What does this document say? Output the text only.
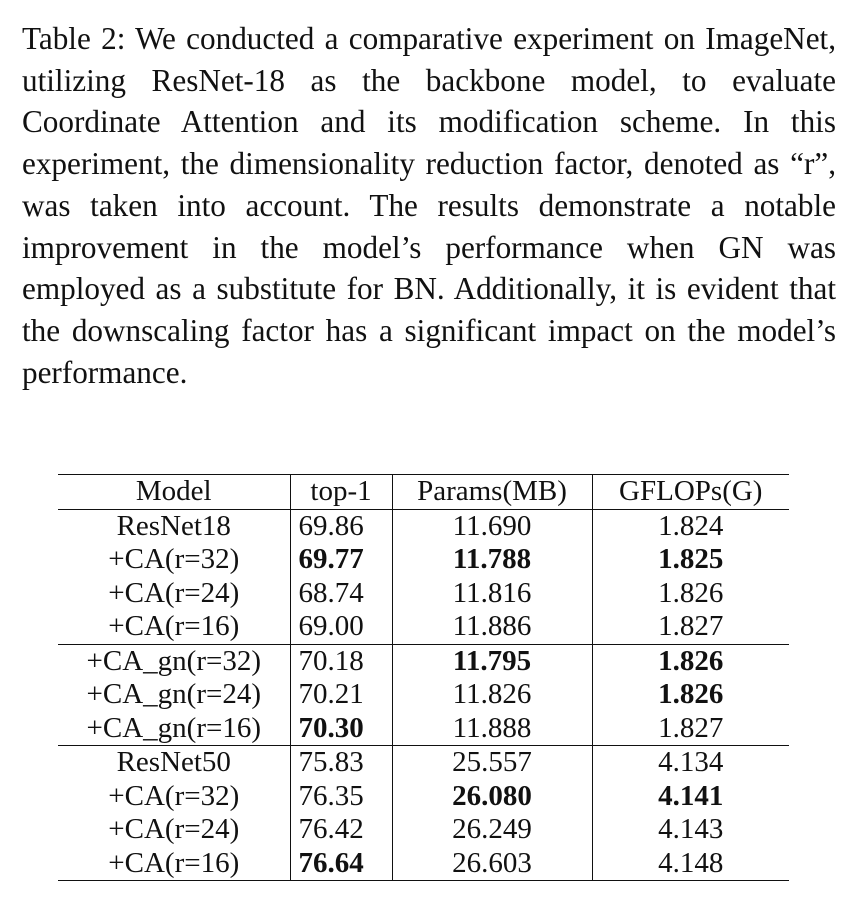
Table 2: We conducted a comparative experiment on ImageNet, utilizing ResNet-18 as the backbone model, to evaluate Coordinate Attention and its modification scheme. In this experiment, the dimensionality reduction factor, denoted as “r”, was taken into account. The results demonstrate a notable improvement in the model’s performance when GN was employed as a substitute for BN. Additionally, it is evident that the downscaling factor has a significant impact on the model’s performance.

Model	top-1	Params(MB)	GFLOPs(G)
ResNet18	69.86	11.690	1.824
+CA(r=32)	69.77	11.788	1.825
+CA(r=24)	68.74	11.816	1.826
+CA(r=16)	69.00	11.886	1.827
+CA_gn(r=32)	70.18	11.795	1.826
+CA_gn(r=24)	70.21	11.826	1.826
+CA_gn(r=16)	70.30	11.888	1.827
ResNet50	75.83	25.557	4.134
+CA(r=32)	76.35	26.080	4.141
+CA(r=24)	76.42	26.249	4.143
+CA(r=16)	76.64	26.603	4.148
